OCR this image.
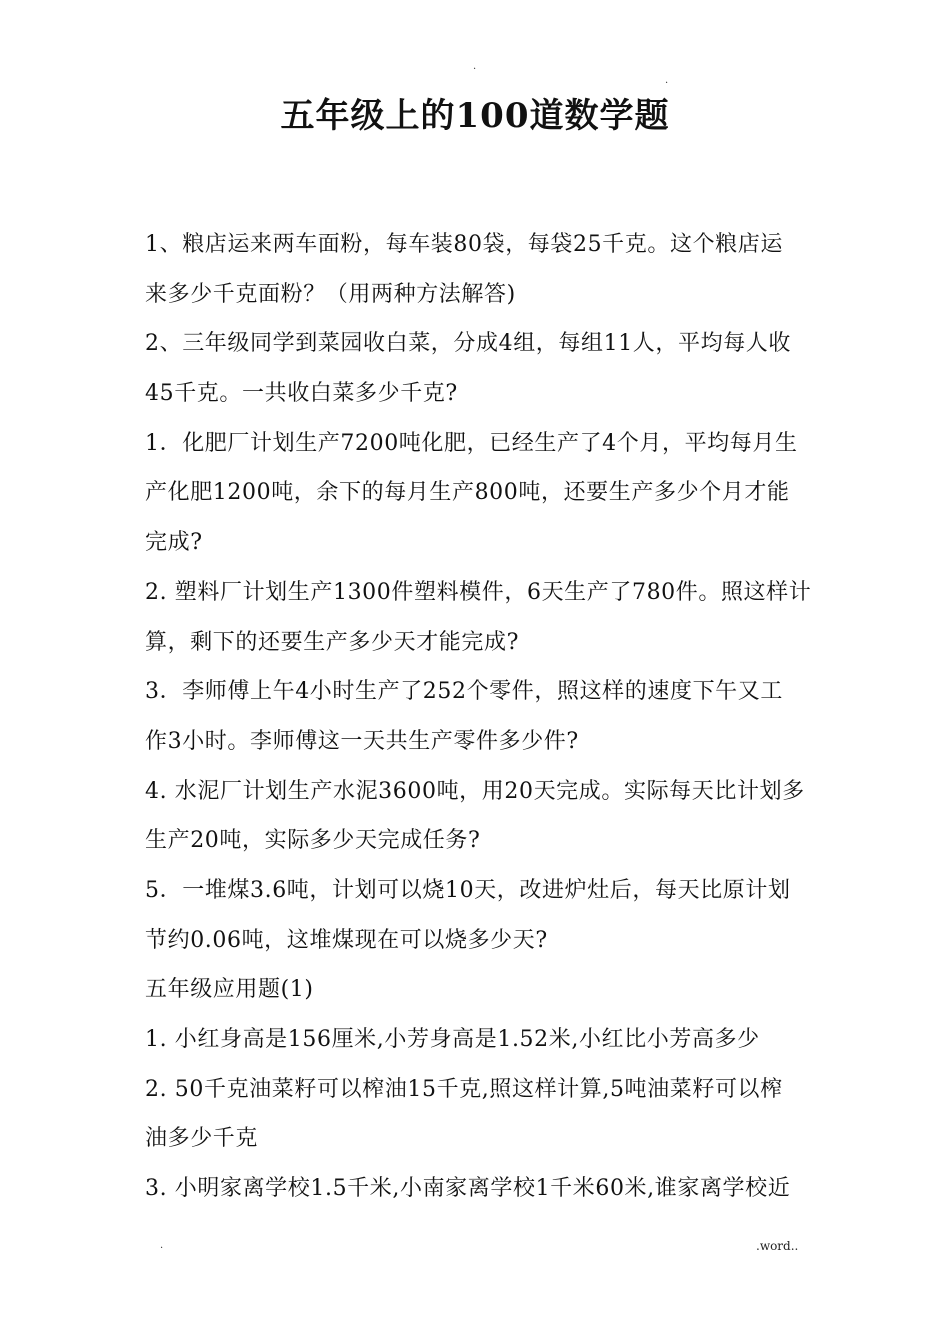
.
.
五年级上的100道数学题

1、粮店运来两车面粉，每车装80袋，每袋25千克。这个粮店运

来多少千克面粉？（用两种方法解答)

2、三年级同学到菜园收白菜，分成4组，每组11人，平均每人收

45千克。一共收白菜多少千克?

1．化肥厂计划生产7200吨化肥，已经生产了4个月，平均每月生

产化肥1200吨，余下的每月生产800吨，还要生产多少个月才能

完成?

2. 塑料厂计划生产1300件塑料模件，6天生产了780件。照这样计

算，剩下的还要生产多少天才能完成?

3．李师傅上午4小时生产了252个零件，照这样的速度下午又工

作3小时。李师傅这一天共生产零件多少件?

4. 水泥厂计划生产水泥3600吨，用20天完成。实际每天比计划多

生产20吨，实际多少天完成任务?

5．一堆煤3.6吨，计划可以烧10天，改进炉灶后，每天比原计划

节约0.06吨，这堆煤现在可以烧多少天?

五年级应用题(1)

1. 小红身高是156厘米,小芳身高是1.52米,小红比小芳高多少

2. 50千克油菜籽可以榨油15千克,照这样计算,5吨油菜籽可以榨

油多少千克

3. 小明家离学校1.5千米,小南家离学校1千米60米,谁家离学校近

.	.word..
